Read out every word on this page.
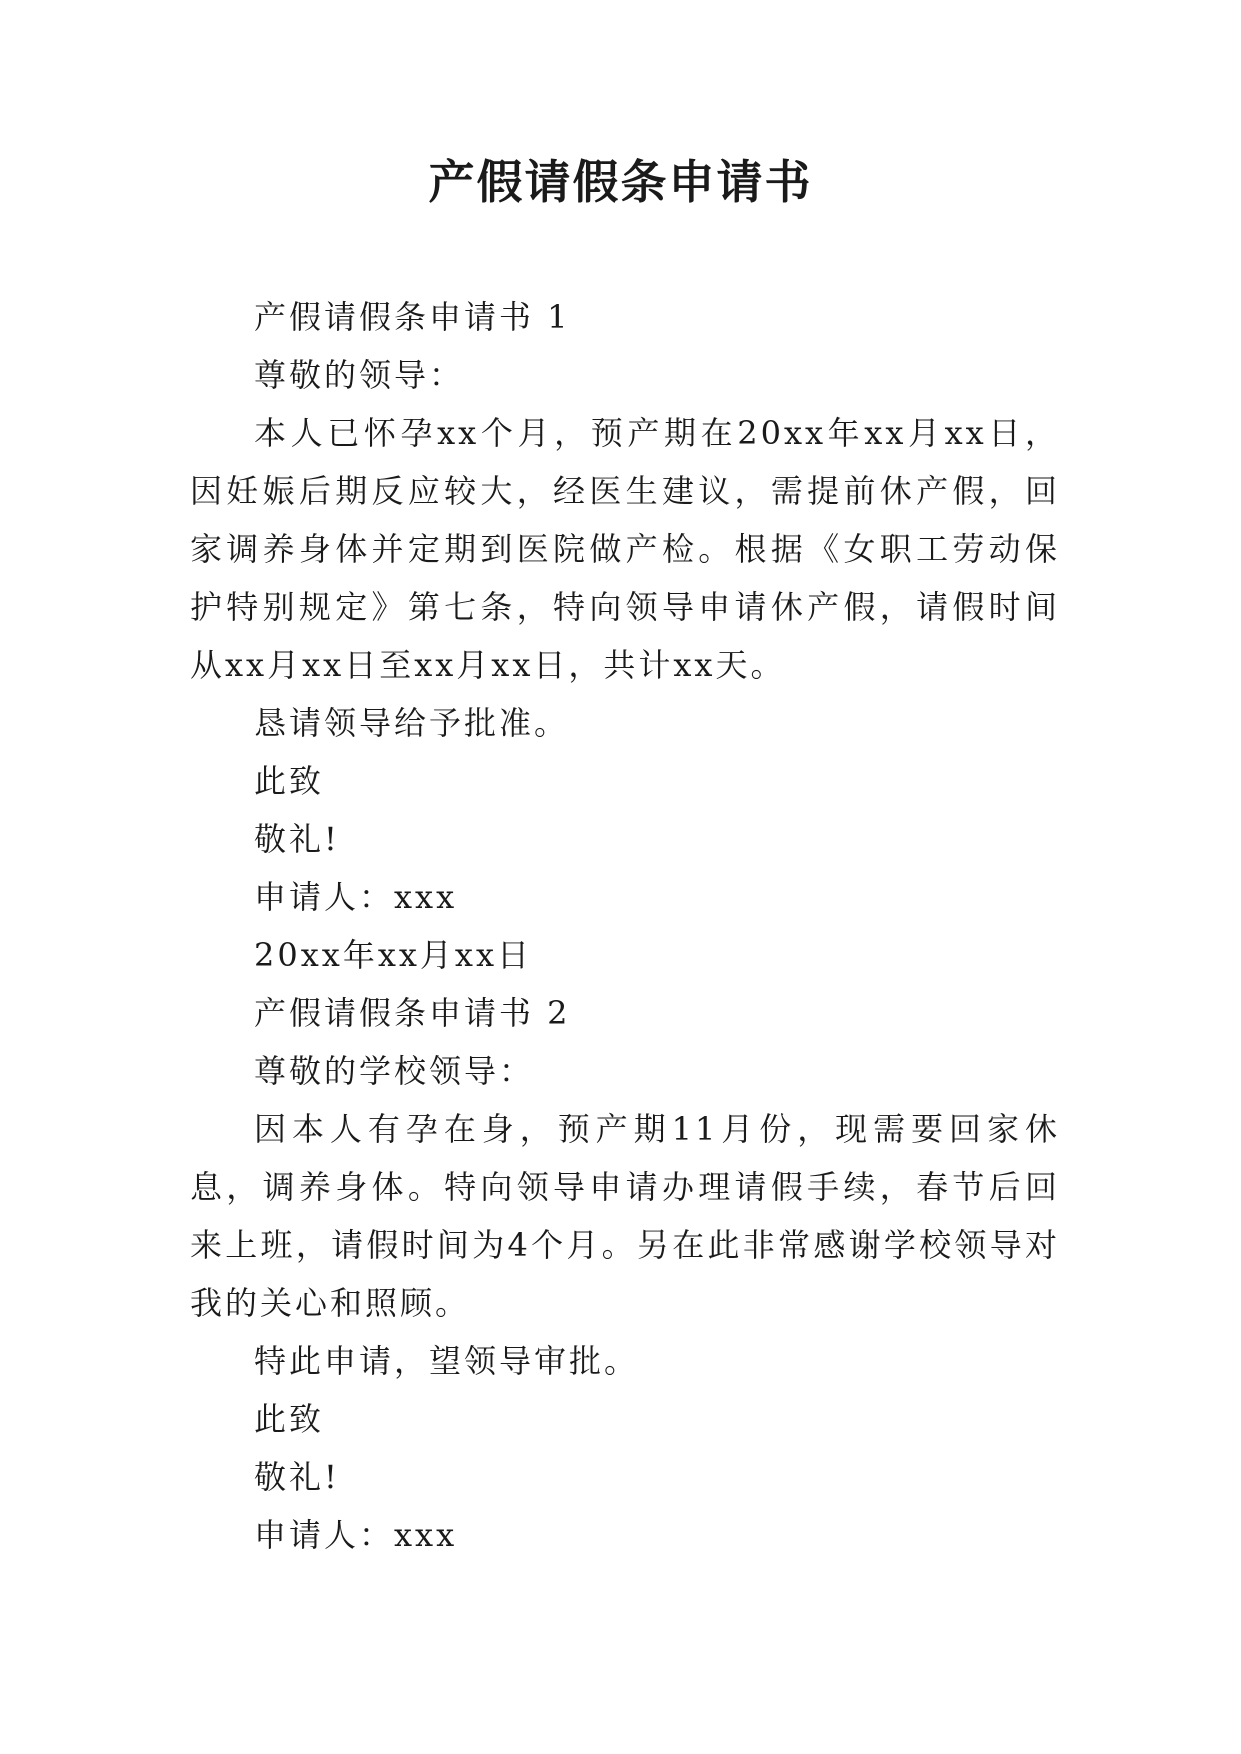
产假请假条申请书

产假请假条申请书 1

尊敬的领导：

本人已怀孕xx个月，预产期在20xx年xx月xx日，因妊娠后期反应较大，经医生建议，需提前休产假，回家调养身体并定期到医院做产检。根据《女职工劳动保护特别规定》第七条，特向领导申请休产假，请假时间从xx月xx日至xx月xx日，共计xx天。

恳请领导给予批准。

此致

敬礼!

申请人：xxx

20xx年xx月xx日

产假请假条申请书 2

尊敬的学校领导：

因本人有孕在身，预产期11月份，现需要回家休息，调养身体。特向领导申请办理请假手续，春节后回来上班，请假时间为4个月。另在此非常感谢学校领导对我的关心和照顾。

特此申请，望领导审批。

此致

敬礼!

申请人：xxx
